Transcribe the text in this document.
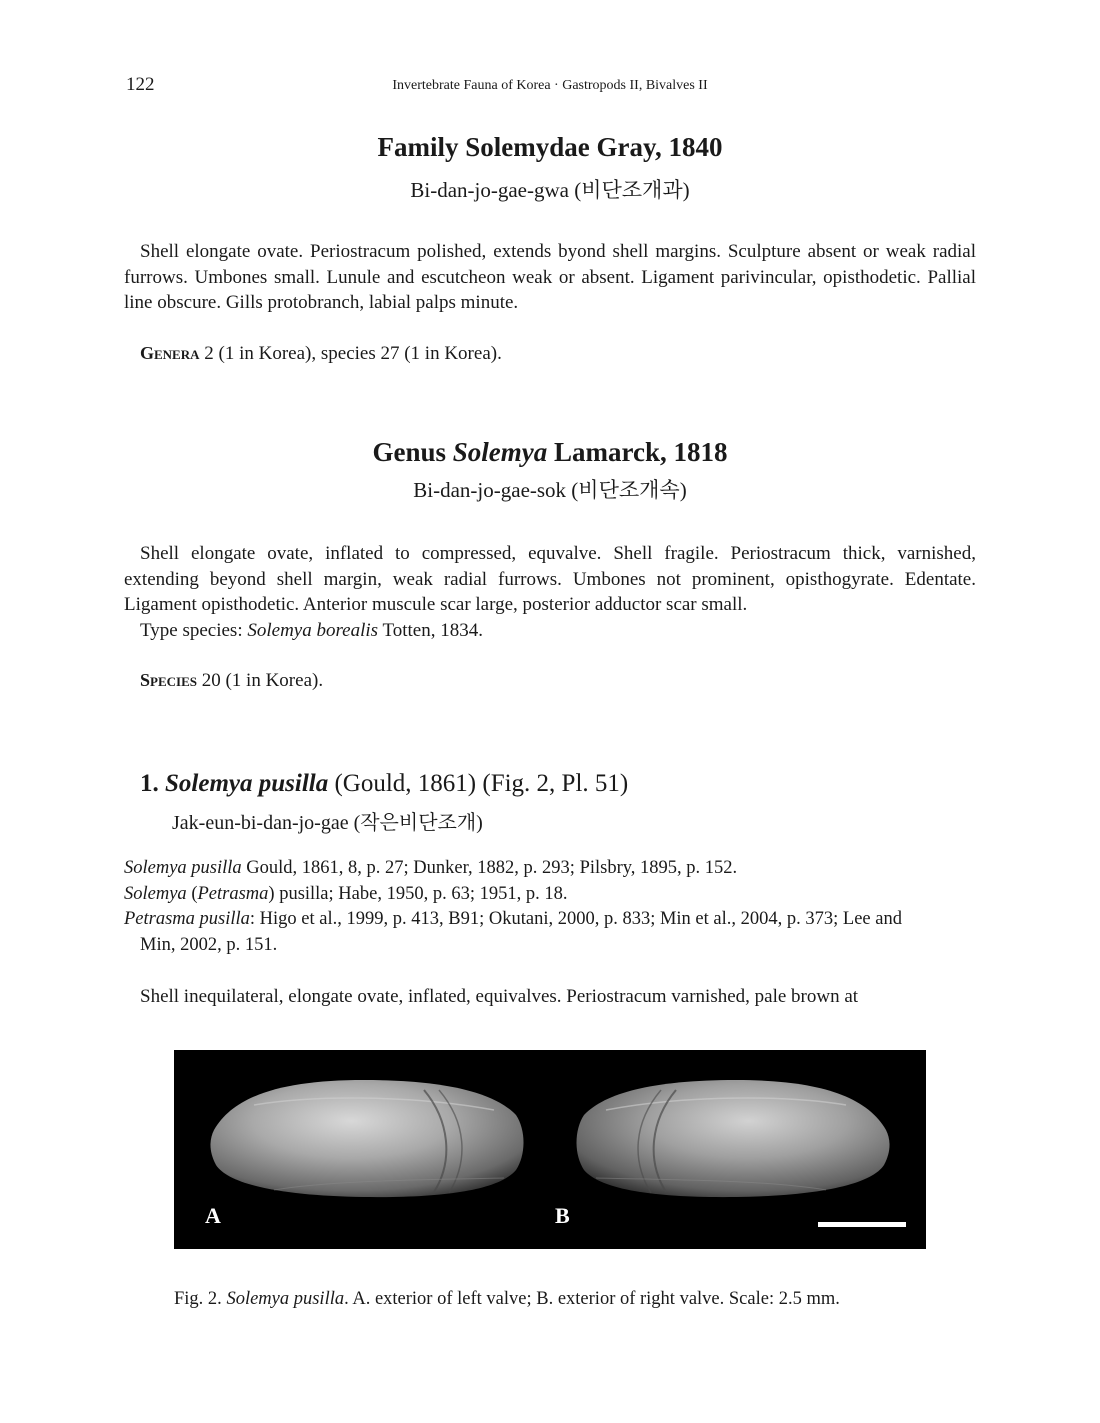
122	Invertebrate Fauna of Korea · Gastropods II, Bivalves II
Family Solemydae Gray, 1840
Bi-dan-jo-gae-gwa (비단조개과)

Shell elongate ovate. Periostracum polished, extends byond shell margins. Sculpture absent or weak radial furrows. Umbones small. Lunule and escutcheon weak or absent. Ligament parivincular, opisthodetic. Pallial line obscure. Gills protobranch, labial palps minute.

Genera 2 (1 in Korea), species 27 (1 in Korea).
Genus Solemya Lamarck, 1818
Bi-dan-jo-gae-sok (비단조개속)

Shell elongate ovate, inflated to compressed, equvalve. Shell fragile. Periostracum thick, varnished, extending beyond shell margin, weak radial furrows. Umbones not prominent, opisthogyrate. Edentate. Ligament opisthodetic. Anterior muscule scar large, posterior adductor scar small.

Type species: Solemya borealis Totten, 1834.

Species 20 (1 in Korea).
1. Solemya pusilla (Gould, 1861) (Fig. 2, Pl. 51)
Jak-eun-bi-dan-jo-gae (작은비단조개)
Solemya pusilla Gould, 1861, 8, p. 27; Dunker, 1882, p. 293; Pilsbry, 1895, p. 152.
Solemya (Petrasma) pusilla; Habe, 1950, p. 63; 1951, p. 18.
Petrasma pusilla: Higo et al., 1999, p. 413, B91; Okutani, 2000, p. 833; Min et al., 2004, p. 373; Lee and
Min, 2002, p. 151.

Shell inequilateral, elongate ovate, inflated, equivalves. Periostracum varnished, pale brown at

A	B
Fig. 2. Solemya pusilla. A. exterior of left valve; B. exterior of right valve. Scale: 2.5 mm.
